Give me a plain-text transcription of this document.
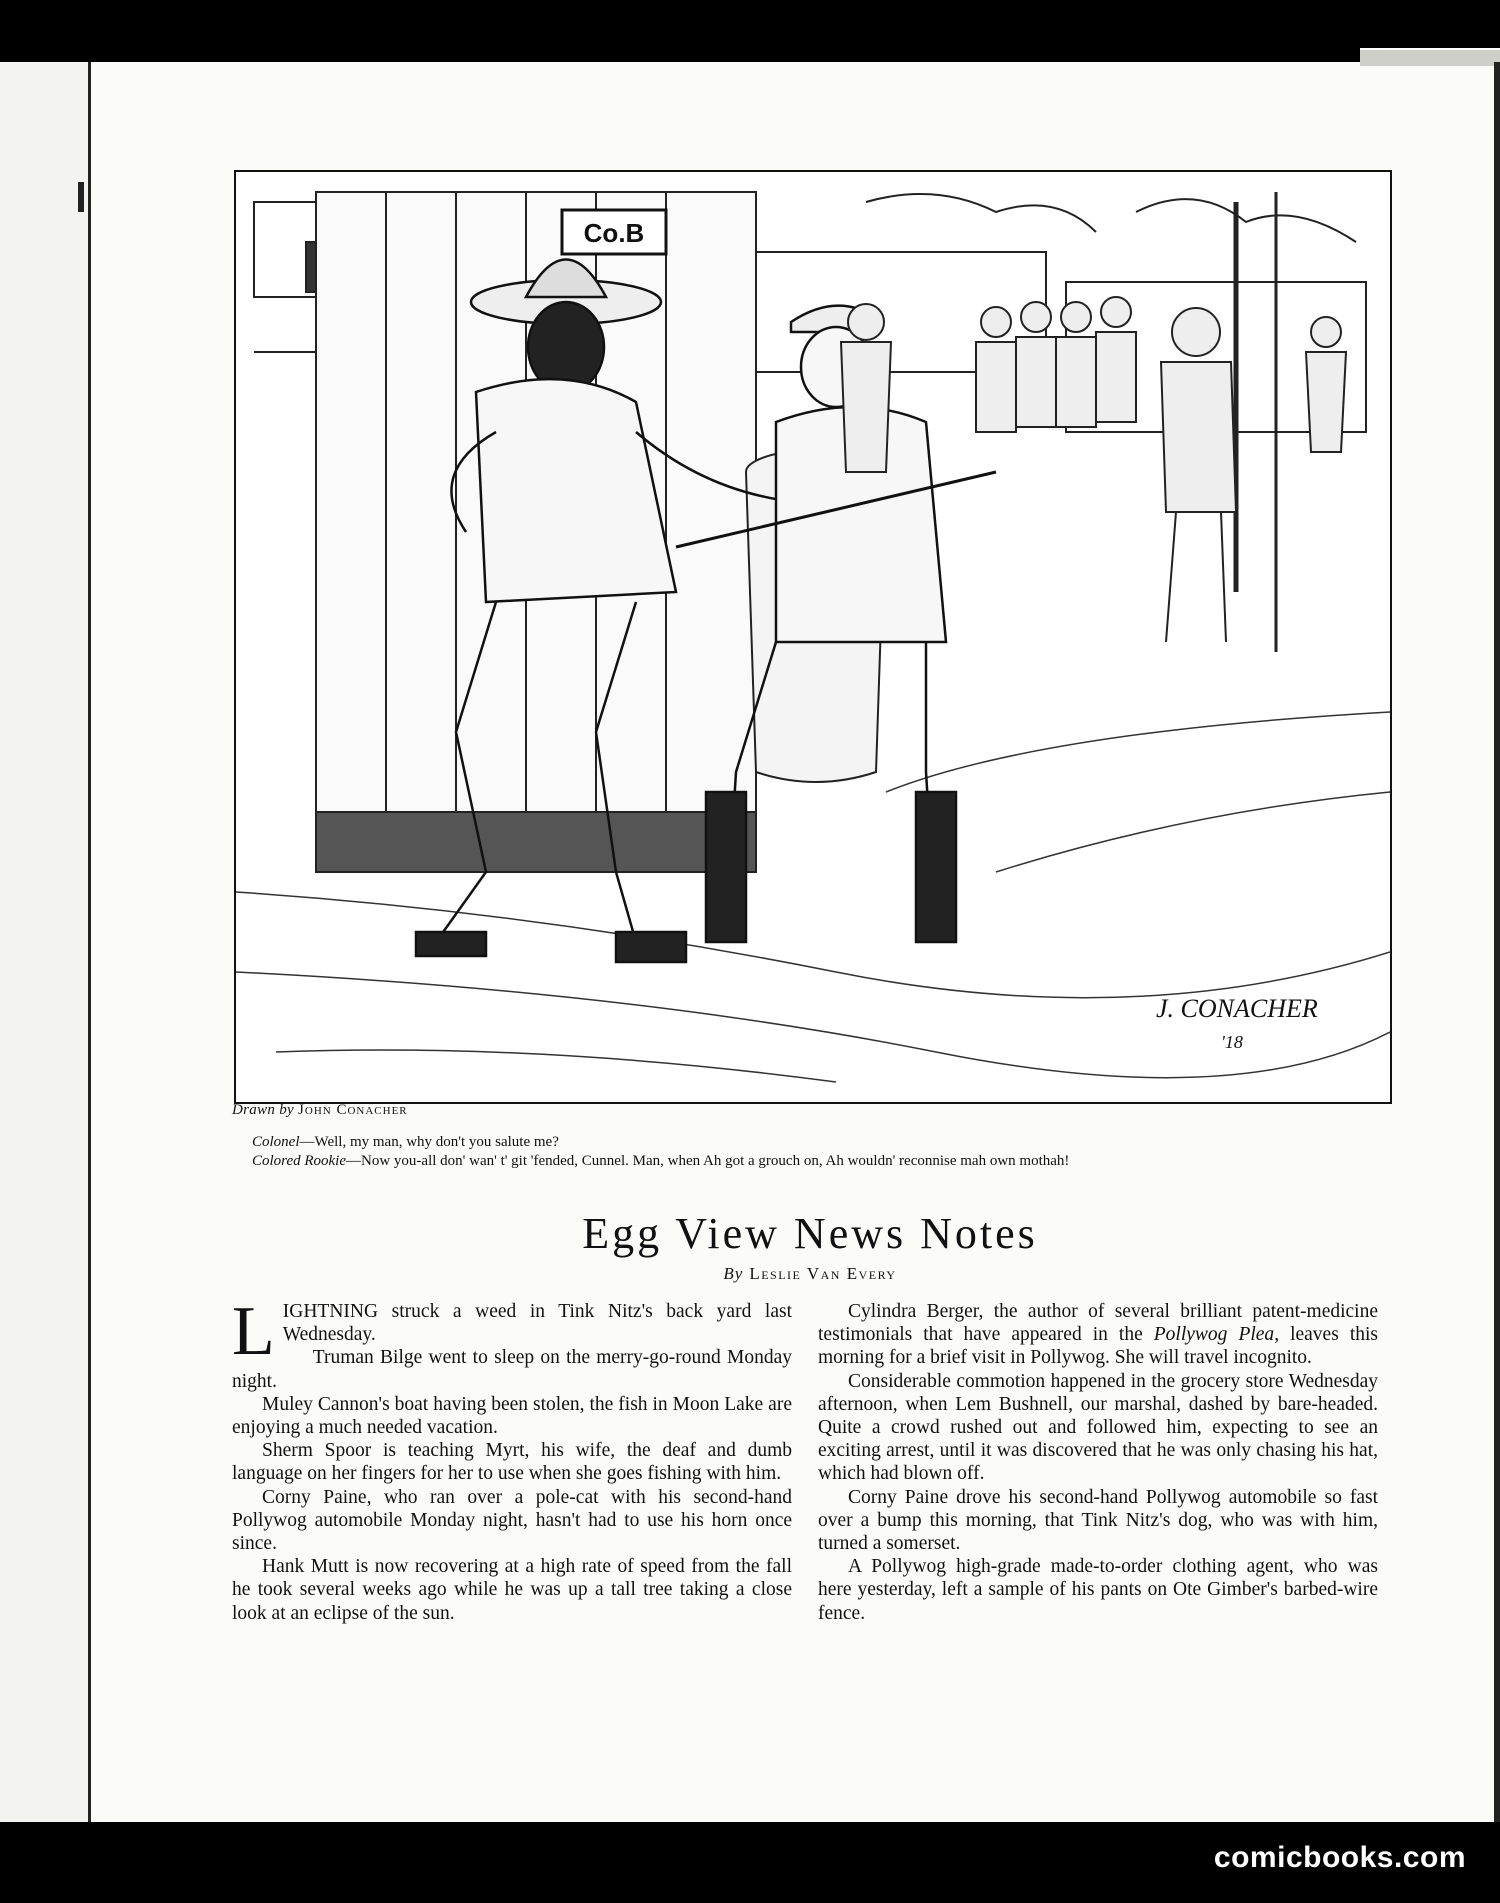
Co.B
J. CONACHER
'18
Drawn by John Conacher
Colonel—Well, my man, why don't you salute me?
Colored Rookie—Now you-all don' wan' t' git 'fended, Cunnel. Man, when Ah got a grouch on, Ah wouldn' reconnise mah own mothah!
Egg View News Notes
By Leslie Van Every

LIGHTNING struck a weed in Tink Nitz's back yard last Wednesday.

Truman Bilge went to sleep on the merry-go-round Monday night.

Muley Cannon's boat having been stolen, the fish in Moon Lake are enjoying a much needed vacation.

Sherm Spoor is teaching Myrt, his wife, the deaf and dumb language on her fingers for her to use when she goes fishing with him.

Corny Paine, who ran over a pole-cat with his second-hand Pollywog automobile Monday night, hasn't had to use his horn once since.

Hank Mutt is now recovering at a high rate of speed from the fall he took several weeks ago while he was up a tall tree taking a close look at an eclipse of the sun.

Cylindra Berger, the author of several brilliant patent-medicine testimonials that have appeared in the Pollywog Plea, leaves this morning for a brief visit in Pollywog. She will travel incognito.

Considerable commotion happened in the grocery store Wednesday afternoon, when Lem Bushnell, our marshal, dashed by bare-headed. Quite a crowd rushed out and followed him, expecting to see an exciting arrest, until it was discovered that he was only chasing his hat, which had blown off.

Corny Paine drove his second-hand Pollywog automobile so fast over a bump this morning, that Tink Nitz's dog, who was with him, turned a somerset.

A Pollywog high-grade made-to-order clothing agent, who was here yesterday, left a sample of his pants on Ote Gimber's barbed-wire fence.

comicbooks.com
